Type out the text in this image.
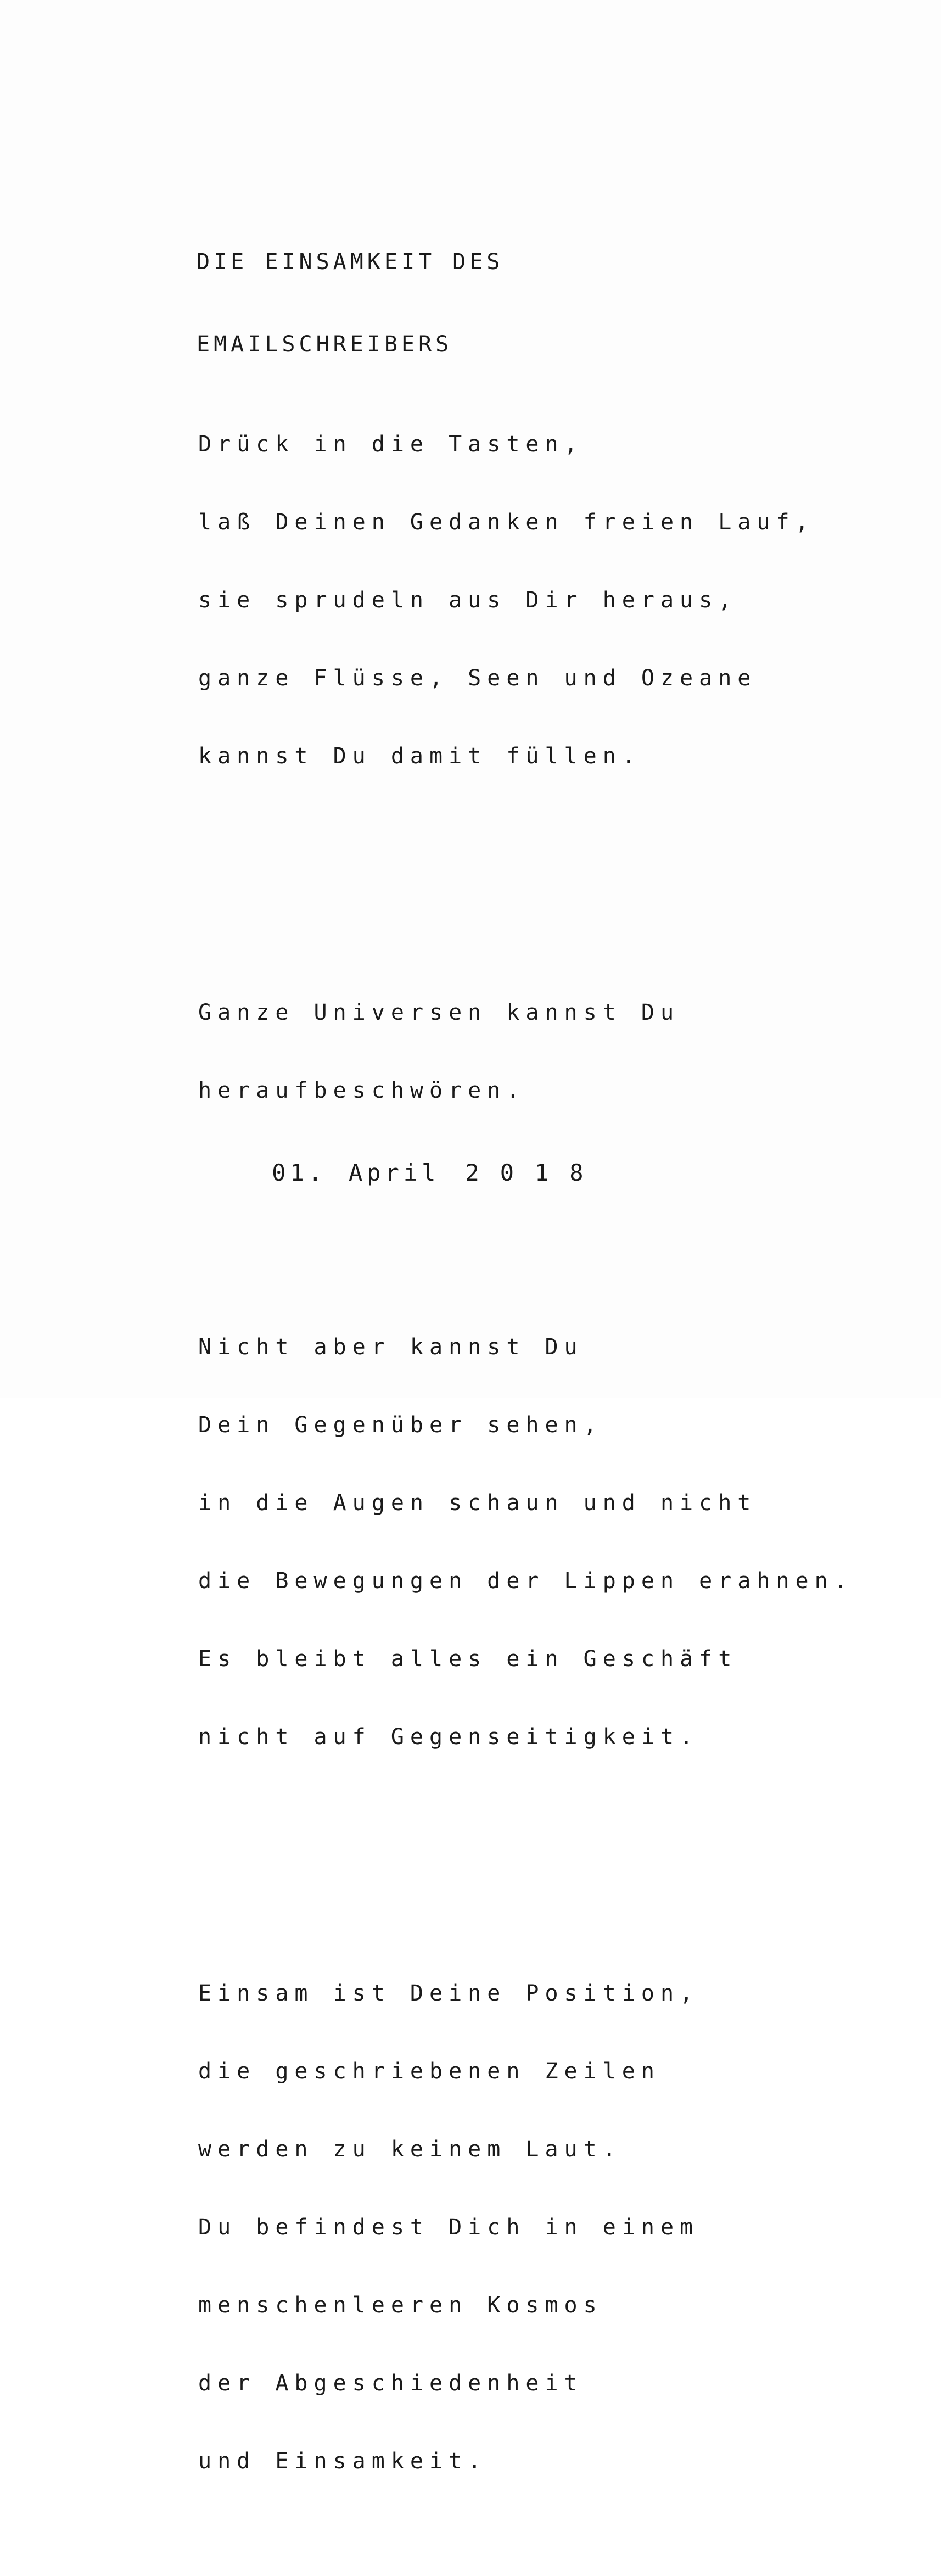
DIE EINSAMKEIT DES

EMAILSCHREIBERS

Drück in die Tasten,

laß Deinen Gedanken freien Lauf,

sie sprudeln aus Dir heraus,

ganze Flüsse, Seen und Ozeane

kannst Du damit füllen.

Ganze Universen kannst Du

heraufbeschwören.

Nicht aber kannst Du

Dein Gegenüber sehen,

in die Augen schaun und nicht

die Bewegungen der Lippen erahnen.

Es bleibt alles ein Geschäft

nicht auf Gegenseitigkeit.

Einsam ist Deine Position,

die geschriebenen Zeilen

werden zu keinem Laut.

Du befindest Dich in einem

menschenleeren Kosmos

der Abgeschiedenheit

und Einsamkeit.

01. April 2018
